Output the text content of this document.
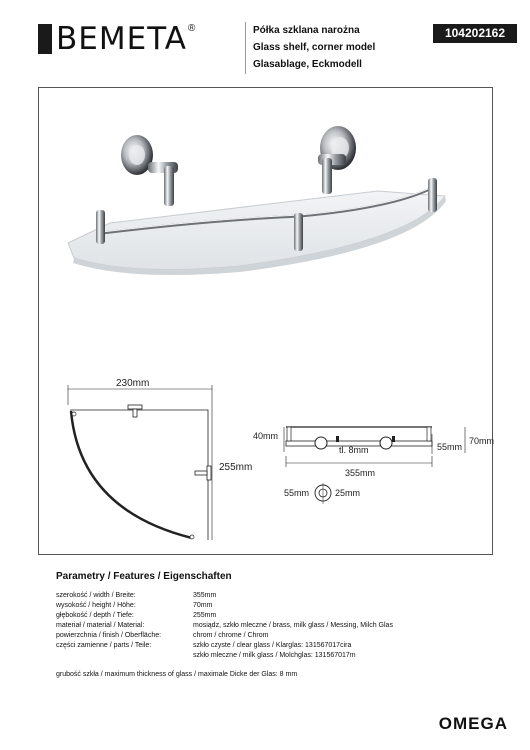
BEMETA ®	Półka szklana narożna
Glass shelf, corner model
Glasablage, Eckmodell
104202162
230mm
255mm
40mm
tl. 8mm	55mm
70mm
355mm
55mm	25mm
Parametry / Features / Eigenschaften
szerokość / width / Breite:	355mm
wysokość / height / Höhe:	70mm
głębokość / depth / Tiefe:	255mm
materiał / material / Material:	mosiądz, szkło mleczne / brass, milk glass / Messing, Milch Glas
powierzchnia / finish / Oberfläche:	chrom / chrome / Chrom
części zamienne / parts / Teile:	szkło czyste / clear glass / Klarglas: 131567017cira
szkło mleczne / milk glass / Molchglas: 131567017m
grubość szkła / maximum thickness of glass / maximale Dicke der Glas: 8 mm
OMEGA
